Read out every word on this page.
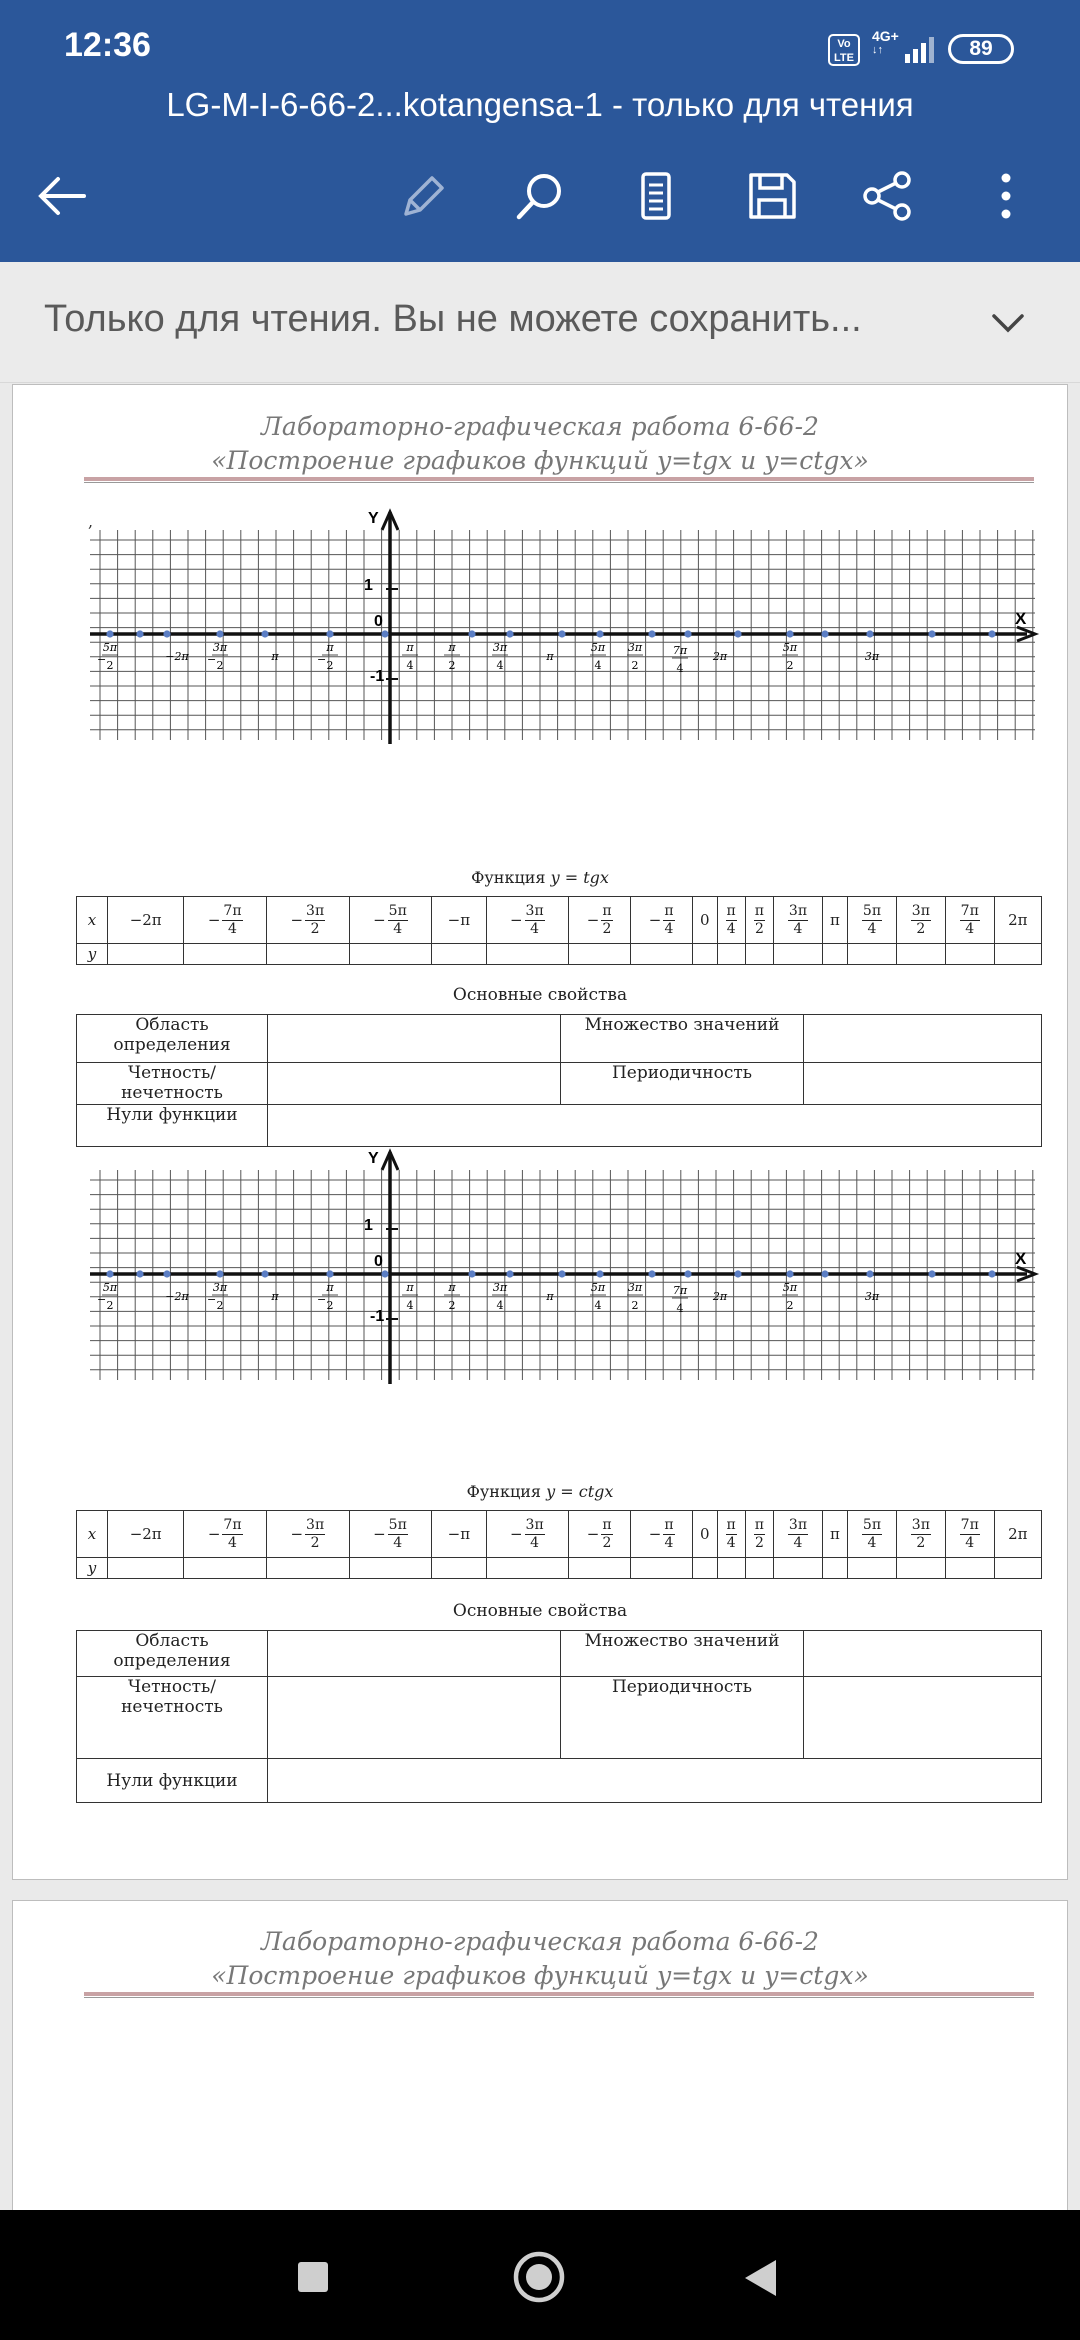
12:36	Vo
LTE
4G+
↓↑	89
LG-M-I-6-66-2...kotangensa-1 - только для чтения
Только для чтения. Вы не можете сохранить...
Лабораторно-графическая работа 6-66-2
«Построение графиков функций y=tgx и y=ctgx»
,
X
Y
0
1
-1
−
5π
2
−2π −
3π
2
π	−
π
2
π
4
π
2
3π
4
π
5π
4
3π
2
7π
4
2π
5π
2
3π
Функция y = tgx
x	−2π	− $\frac{7\pi}{4}$	− $\frac{3\pi}{2}$	− $\frac{5\pi}{4}$	−π	− $\frac{3\pi}{4}$	− $\frac{\pi}{2}$	− $\frac{\pi}{4}$	0	$\frac{\pi}{4}$	$\frac{\pi}{2}$	$\frac{3\pi}{4}$	π	$\frac{5\pi}{4}$	$\frac{3\pi}{2}$	$\frac{7\pi}{4}$	2π
y																	
Основные свойства
Область определения		Множество значений	
Четность/ нечетность		Периодичность	
Нули функции			
X
Y
0
1
-1
−
5π
2
−2π −
3π
2
π	−
π
2
π
4
π
2
3π
4
π
5π
4
3π
2
7π
4
2π
5π
2
3π
Функция y = ctgx
x	−2π	− $\frac{7\pi}{4}$	− $\frac{3\pi}{2}$	− $\frac{5\pi}{4}$	−π	− $\frac{3\pi}{4}$	− $\frac{\pi}{2}$	− $\frac{\pi}{4}$	0	$\frac{\pi}{4}$	$\frac{\pi}{2}$	$\frac{3\pi}{4}$	π	$\frac{5\pi}{4}$	$\frac{3\pi}{2}$	$\frac{7\pi}{4}$	2π
y																	
Основные свойства
Область определения		Множество значений	
Четность/ нечетность		Периодичность	
Нули функции			
Лабораторно-графическая работа 6-66-2
«Построение графиков функций y=tgx и y=ctgx»
